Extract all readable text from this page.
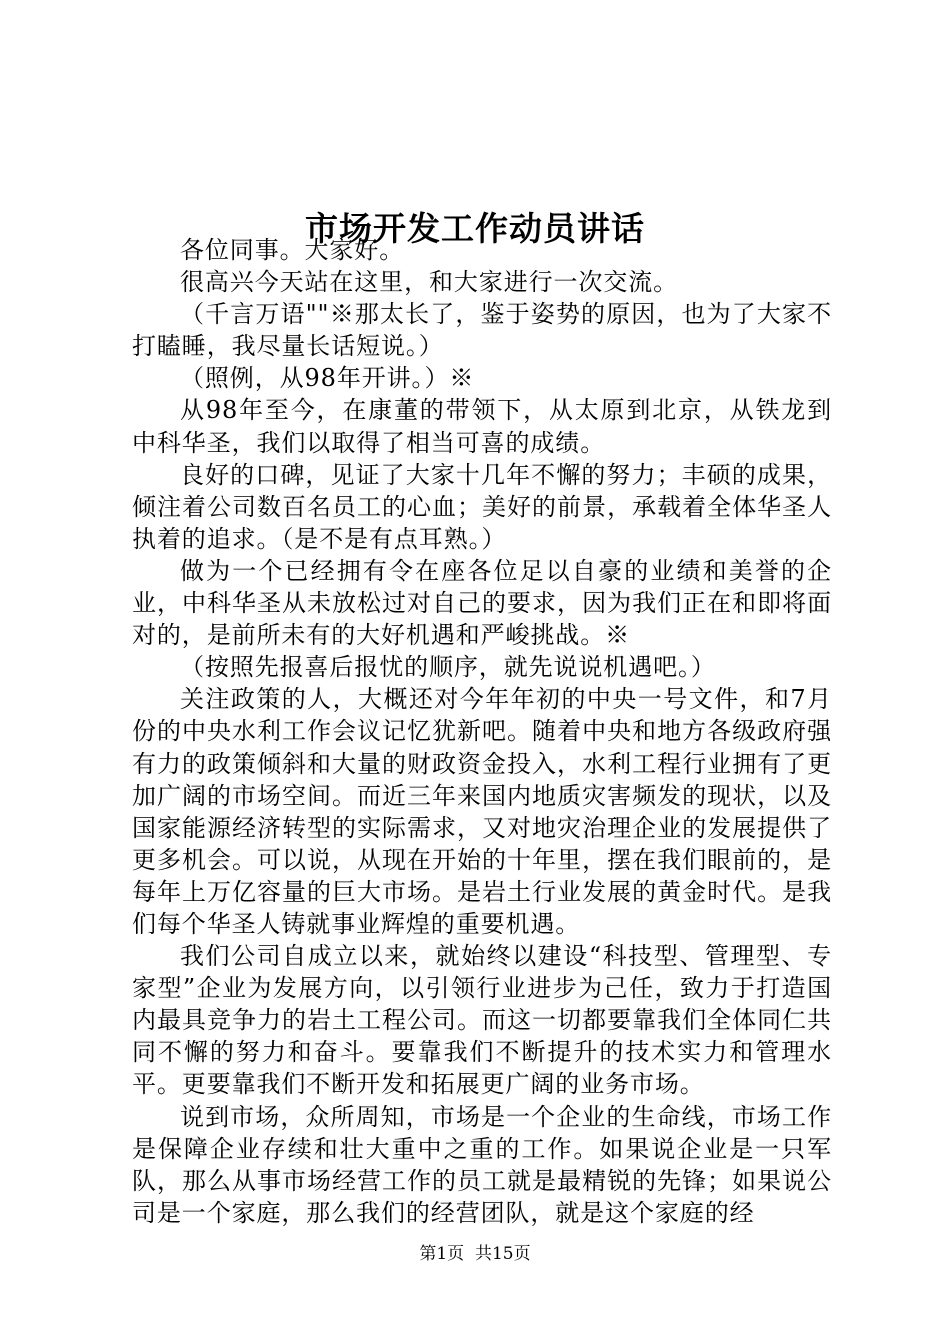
市场开发工作动员讲话

各位同事。大家好。

很高兴今天站在这里，和大家进行一次交流。

（千言万语""※那太长了，鉴于姿势的原因，也为了大家不打瞌睡，我尽量长话短说。）

（照例，从98年开讲。）※

从98年至今，在康董的带领下，从太原到北京，从铁龙到中科华圣，我们以取得了相当可喜的成绩。

良好的口碑，见证了大家十几年不懈的努力；丰硕的成果，倾注着公司数百名员工的心血；美好的前景，承载着全体华圣人执着的追求。（是不是有点耳熟。）

做为一个已经拥有令在座各位足以自豪的业绩和美誉的企业，中科华圣从未放松过对自己的要求，因为我们正在和即将面对的，是前所未有的大好机遇和严峻挑战。※

（按照先报喜后报忧的顺序，就先说说机遇吧。）

关注政策的人，大概还对今年年初的中央一号文件，和7月份的中央水利工作会议记忆犹新吧。随着中央和地方各级政府强有力的政策倾斜和大量的财政资金投入，水利工程行业拥有了更加广阔的市场空间。而近三年来国内地质灾害频发的现状，以及国家能源经济转型的实际需求，又对地灾治理企业的发展提供了更多机会。可以说，从现在开始的十年里，摆在我们眼前的，是每年上万亿容量的巨大市场。是岩土行业发展的黄金时代。是我们每个华圣人铸就事业辉煌的重要机遇。

我们公司自成立以来，就始终以建设“科技型、管理型、专家型”企业为发展方向，以引领行业进步为己任，致力于打造国内最具竞争力的岩土工程公司。而这一切都要靠我们全体同仁共同不懈的努力和奋斗。要靠我们不断提升的技术实力和管理水平。更要靠我们不断开发和拓展更广阔的业务市场。

说到市场，众所周知，市场是一个企业的生命线，市场工作是保障企业存续和壮大重中之重的工作。如果说企业是一只军队，那么从事市场经营工作的员工就是最精锐的先锋；如果说公司是一个家庭，那么我们的经营团队，就是这个家庭的经

第1页  共15页
